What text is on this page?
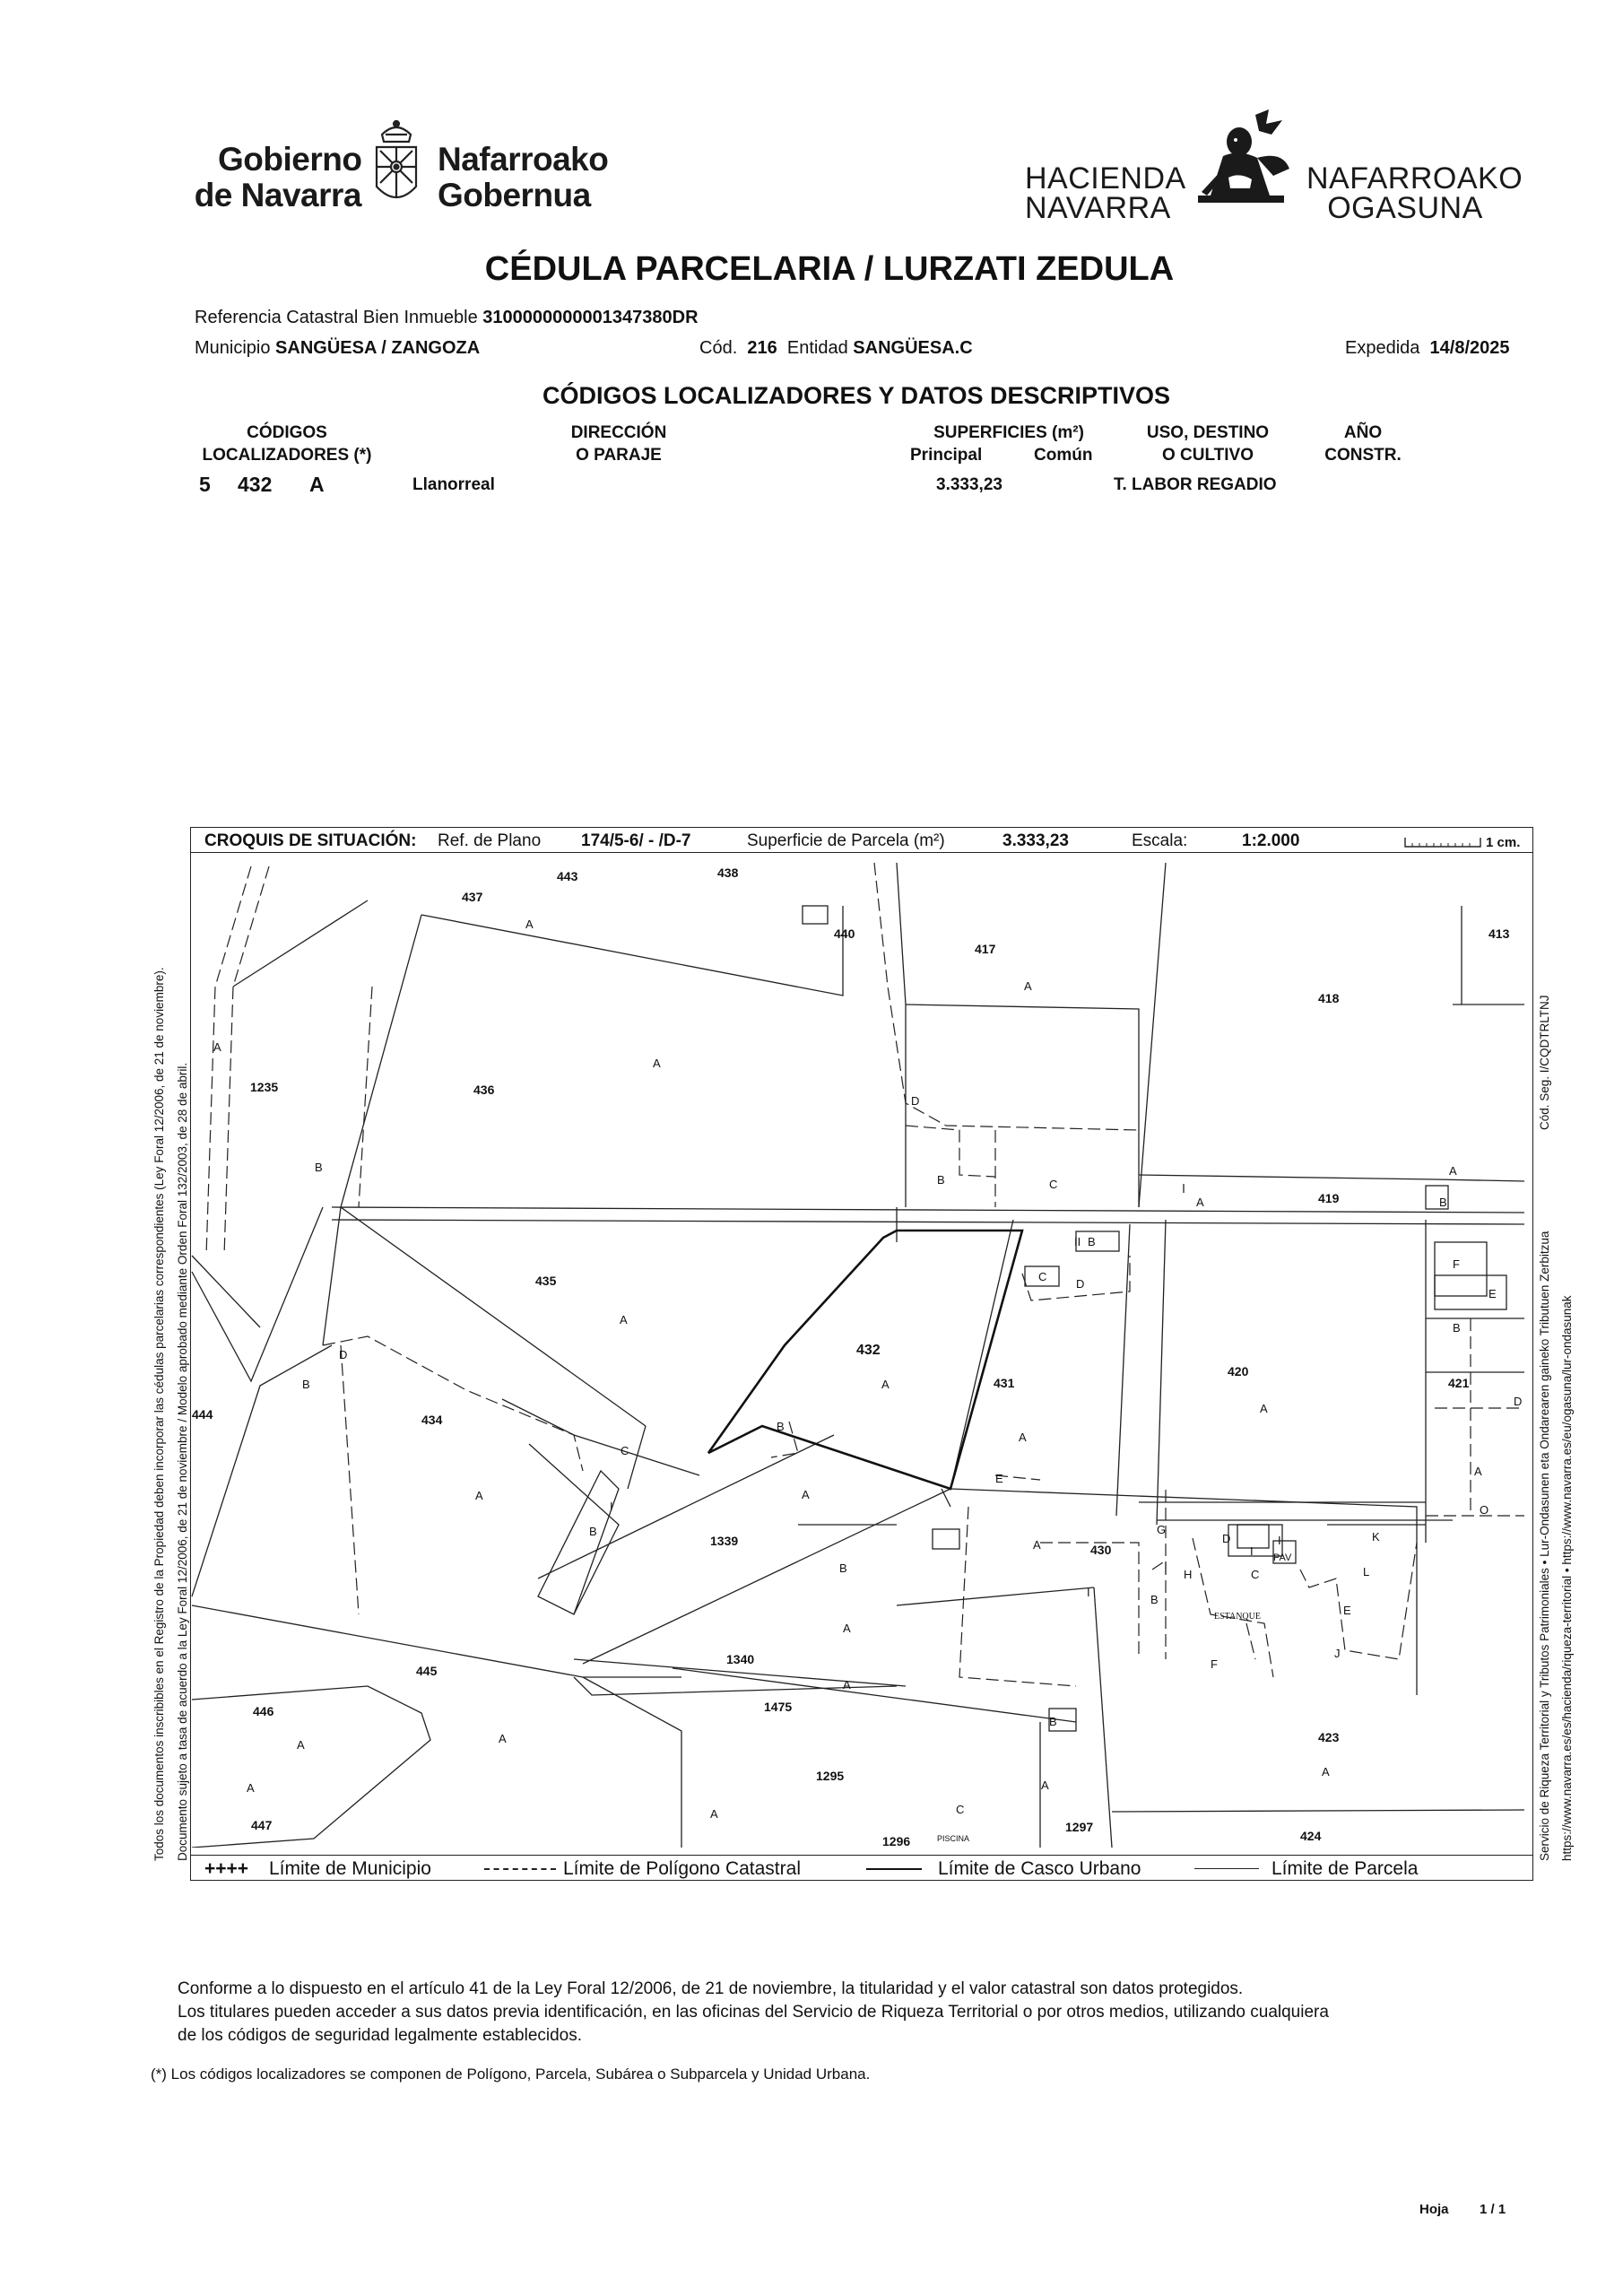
Gobierno
de Navarra
Nafarroako
Gobernua	HACIENDA
NAVARRA
NAFARROAKO
OGASUNA
CÉDULA PARCELARIA / LURZATI ZEDULA
Referencia Catastral Bien Inmueble 3100000000001347380DR
Municipio SANGÜESA / ZANGOZA	Cód. 216 Entidad SANGÜESA.C	Expedida 14/8/2025
CÓDIGOS LOCALIZADORES Y DATOS DESCRIPTIVOS
CÓDIGOS
LOCALIZADORES (*)
DIRECCIÓN
O PARAJE
SUPERFICIES (m²)
Principal	Común
USO, DESTINO
O CULTIVO
AÑO
CONSTR.
5 432 A	Llanorreal	3.333,23	T. LABOR REGADIO
Todos los documentos inscribibles en el Registro de la Propiedad deben incorporar las cédulas parcelarias correspondientes (Ley Foral 12/2006, de 21 de noviembre). Documento sujeto a tasa de acuerdo a la Ley Foral 12/2006, de 21 de noviembre / Modelo aprobado mediante Orden Foral 132/2003, de 28 de abril.	Servicio de Riqueza Territorial y Tributos Patrimoniales • Lur-Ondasunen eta Ondarearen gaineko Tributuen Zerbitzua
Cód. Seg. I/CQDTRLTNJ
https://www.navarra.es/es/hacienda/riqueza-territorial • https://www.navarra.es/eu/ogasuna/lur-ondasunak
CROQUIS DE SITUACIÓN: Ref. de Plano 174/5-6/ - /D-7	Superficie de Parcela (m²)	3.333,23	Escala:	1:2.000	1 cm.
443	438
437
440
417
413
418
436
1235
419
435
432
431
420
421
434
444
1339
430
445
1340
446	1475
423
447
1295
1296
1297
424
A
A
A
A
B
D
B	C
A
A
B
A
A
A
A
D
A
F
E
B
O
D
C
B
II
B
D
C
I
B
A	A
B
B
A
A
A
A
A
A	C
A
A
B
E
A
I
B
H
G
D
I
I
C
K
L
E
J
F
PAV
ESTANQUE
PISCINA
++++ Límite de Municipio	Límite de Polígono Catastral	Límite de Casco Urbano	Límite de Parcela
Conforme a lo dispuesto en el artículo 41 de la Ley Foral 12/2006, de 21 de noviembre, la titularidad y el valor catastral son datos protegidos.
Los titulares pueden acceder a sus datos previa identificación, en las oficinas del Servicio de Riqueza Territorial o por otros medios, utilizando cualquiera
de los códigos de seguridad legalmente establecidos.
(*) Los códigos localizadores se componen de Polígono, Parcela, Subárea o Subparcela y Unidad Urbana.
Hoja 1 / 1
